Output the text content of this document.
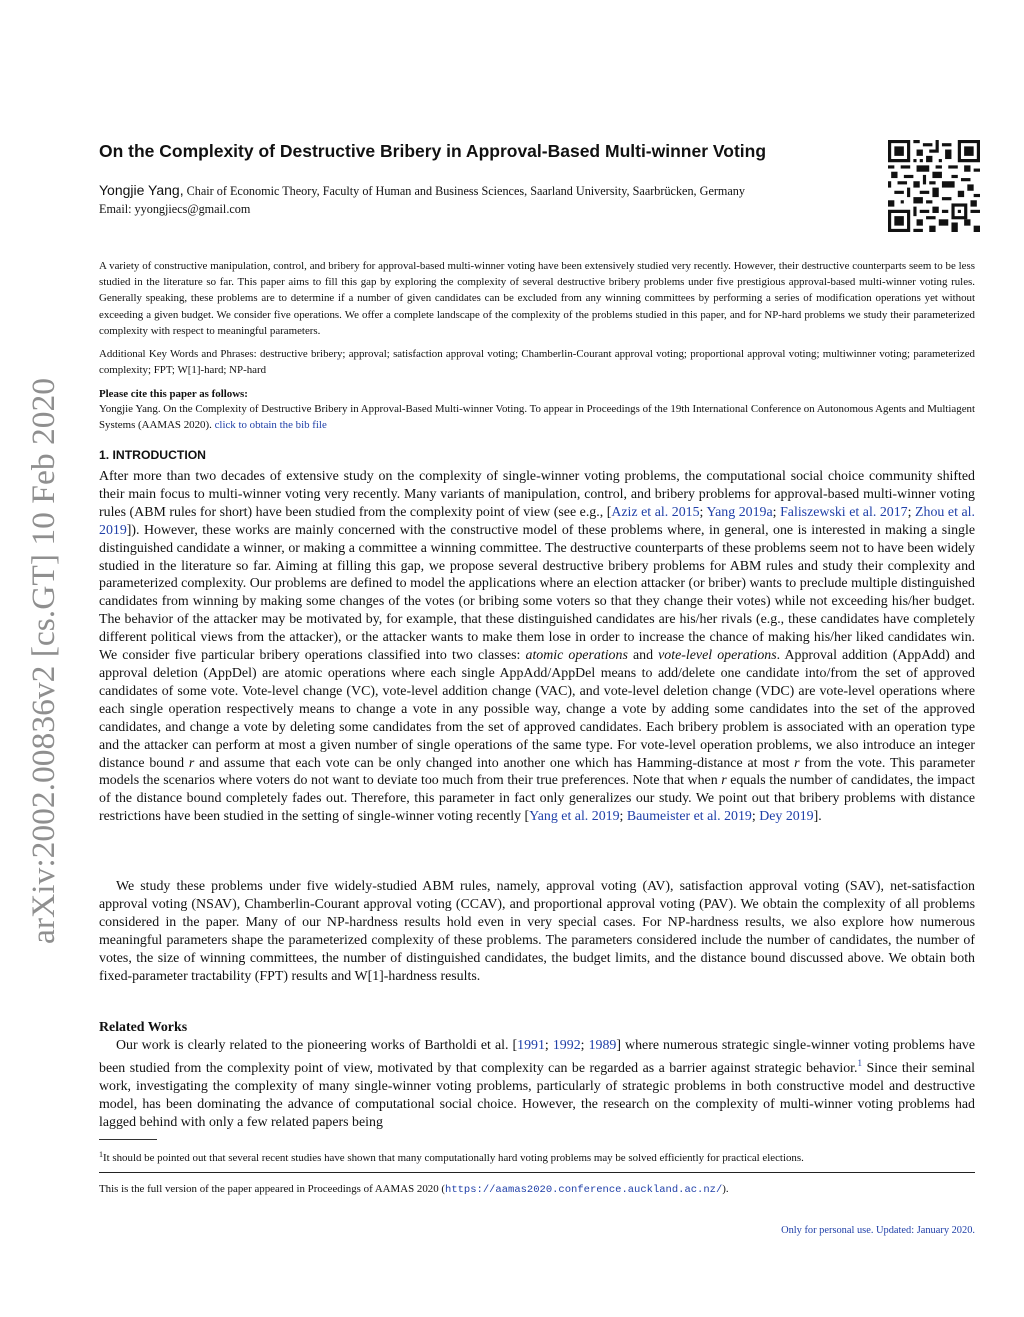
arXiv:2002.00836v2 [cs.GT] 10 Feb 2020
On the Complexity of Destructive Bribery in Approval-Based Multi-winner Voting
Yongjie Yang, Chair of Economic Theory, Faculty of Human and Business Sciences, Saarland University, Saarbrücken, Germany
Email: yyongjiecs@gmail.com

A variety of constructive manipulation, control, and bribery for approval-based multi-winner voting have been extensively studied very recently. However, their destructive counterparts seem to be less studied in the literature so far. This paper aims to fill this gap by exploring the complexity of several destructive bribery problems under five prestigious approval-based multi-winner voting rules. Generally speaking, these problems are to determine if a number of given candidates can be excluded from any winning committees by performing a series of modification operations yet without exceeding a given budget. We consider five operations. We offer a complete landscape of the complexity of the problems studied in this paper, and for NP-hard problems we study their parameterized complexity with respect to meaningful parameters.

Additional Key Words and Phrases: destructive bribery; approval; satisfaction approval voting; Chamberlin-Courant approval voting; proportional approval voting; multiwinner voting; parameterized complexity; FPT; W[1]-hard; NP-hard

Please cite this paper as follows:

Yongjie Yang. On the Complexity of Destructive Bribery in Approval-Based Multi-winner Voting. To appear in Proceedings of the 19th International Conference on Autonomous Agents and Multiagent Systems (AAMAS 2020). click to obtain the bib file

1. INTRODUCTION

After more than two decades of extensive study on the complexity of single-winner voting problems, the computational social choice community shifted their main focus to multi-winner voting very recently. Many variants of manipulation, control, and bribery problems for approval-based multi-winner voting rules (ABM rules for short) have been studied from the complexity point of view (see e.g., [Aziz et al. 2015; Yang 2019a; Faliszewski et al. 2017; Zhou et al. 2019]). However, these works are mainly concerned with the constructive model of these problems where, in general, one is interested in making a single distinguished candidate a winner, or making a committee a winning committee. The destructive counterparts of these problems seem not to have been widely studied in the literature so far. Aiming at filling this gap, we propose several destructive bribery problems for ABM rules and study their complexity and parameterized complexity. Our problems are defined to model the applications where an election attacker (or briber) wants to preclude multiple distinguished candidates from winning by making some changes of the votes (or bribing some voters so that they change their votes) while not exceeding his/her budget. The behavior of the attacker may be motivated by, for example, that these distinguished candidates are his/her rivals (e.g., these candidates have completely different political views from the attacker), or the attacker wants to make them lose in order to increase the chance of making his/her liked candidates win. We consider five particular bribery operations classified into two classes: atomic operations and vote-level operations. Approval addition (AppAdd) and approval deletion (AppDel) are atomic operations where each single AppAdd/AppDel means to add/delete one candidate into/from the set of approved candidates of some vote. Vote-level change (VC), vote-level addition change (VAC), and vote-level deletion change (VDC) are vote-level operations where each single operation respectively means to change a vote in any possible way, change a vote by adding some candidates into the set of the approved candidates, and change a vote by deleting some candidates from the set of approved candidates. Each bribery problem is associated with an operation type and the attacker can perform at most a given number of single operations of the same type. For vote-level operation problems, we also introduce an integer distance bound r and assume that each vote can be only changed into another one which has Hamming-distance at most r from the vote. This parameter models the scenarios where voters do not want to deviate too much from their true preferences. Note that when r equals the number of candidates, the impact of the distance bound completely fades out. Therefore, this parameter in fact only generalizes our study. We point out that bribery problems with distance restrictions have been studied in the setting of single-winner voting recently [Yang et al. 2019; Baumeister et al. 2019; Dey 2019].

We study these problems under five widely-studied ABM rules, namely, approval voting (AV), satisfaction approval voting (SAV), net-satisfaction approval voting (NSAV), Chamberlin-Courant approval voting (CCAV), and proportional approval voting (PAV). We obtain the complexity of all problems considered in the paper. Many of our NP-hardness results hold even in very special cases. For NP-hardness results, we also explore how numerous meaningful parameters shape the parameterized complexity of these problems. The parameters considered include the number of candidates, the number of votes, the size of winning committees, the number of distinguished candidates, the budget limits, and the distance bound discussed above. We obtain both fixed-parameter tractability (FPT) results and W[1]-hardness results.

Related Works

Our work is clearly related to the pioneering works of Bartholdi et al. [1991; 1992; 1989] where numerous strategic single-winner voting problems have been studied from the complexity point of view, motivated by that complexity can be regarded as a barrier against strategic behavior.$^1$ Since their seminal work, investigating the complexity of many single-winner voting problems, particularly of strategic problems in both constructive model and destructive model, has been dominating the advance of computational social choice. However, the research on the complexity of multi-winner voting problems had lagged behind with only a few related papers being

$^1$It should be pointed out that several recent studies have shown that many computationally hard voting problems may be solved efficiently for practical elections.

This is the full version of the paper appeared in Proceedings of AAMAS 2020 (https://aamas2020.conference.auckland.ac.nz/).

Only for personal use. Updated: January 2020.
